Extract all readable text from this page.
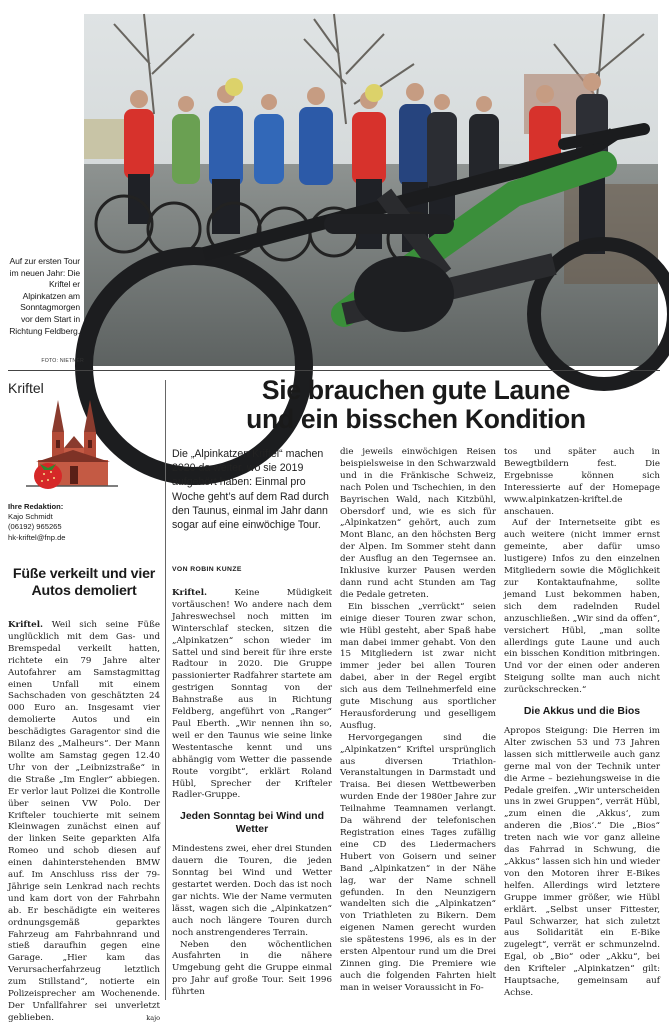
Auf zur ersten Tour im neuen Jahr: Die Kriftel er Alpinkatzen am Sonntagmorgen vor dem Start in Richtung Feldberg.
FOTO: NIETNER
Kriftel
Ihre Redaktion:
Kajo Schmidt
(06192) 965265
hk-kriftel@fnp.de
Füße verkeilt und vier Autos demoliert
Kriftel. Weil sich seine Füße unglücklich mit dem Gas- und Bremspedal verkeilt hatten, richtete ein 79 Jahre alter Autofahrer am Samstagmittag einen Unfall mit einem Sachschaden von geschätzten 24 000 Euro an. Insgesamt vier demolierte Autos und ein beschädigtes Garagentor sind die Bilanz des „Malheurs“. Der Mann wollte am Samstag gegen 12.40 Uhr von der „Leibnizstraße“ in die Straße „Im Engler“ abbiegen. Er verlor laut Polizei die Kontrolle über seinen VW Polo. Der Krifteler touchierte mit seinem Kleinwagen zunächst einen auf der linken Seite geparkten Alfa Romeo und schob diesen auf einen dahinterstehenden BMW auf. Im Anschluss riss der 79-Jährige sein Lenkrad nach rechts und kam dort von der Fahrbahn ab. Er beschädigte ein weiteres ordnungsgemäß geparktes Fahrzeug am Fahrbahnrand und stieß daraufhin gegen eine Garage. „Hier kam das Verursacherfahrzeug letztlich zum Stillstand“, notierte ein Polizeisprecher am Wochenende. Der Unfallfahrer sei unverletzt geblieben.	kajo
Sie brauchen gute Laune
und ein bisschen Kondition
Die „Alpinkatzen Kriftel“ machen 2020 da weiter, wo sie 2019 aufgehört haben: Einmal pro Woche geht’s auf dem Rad durch den Taunus, einmal im Jahr dann sogar auf eine einwöchige Tour.
VON ROBIN KUNZE

Kriftel. Keine Müdigkeit vortäuschen! Wo andere nach dem Jahreswechsel noch mitten im Winterschlaf stecken, sitzen die „Alpinkatzen“ schon wieder im Sattel und sind bereit für ihre erste Radtour in 2020. Die Gruppe passionierter Radfahrer startete am gestrigen Sonntag von der Bahnstraße aus in Richtung Feldberg, angeführt von „Ranger“ Paul Eberth. „Wir nennen ihn so, weil er den Taunus wie seine linke Westentasche kennt und uns abhängig vom Wetter die passende Route vorgibt“, erklärt Roland Hübl, Sprecher der Krifteler Radler-Gruppe.

Jeden Sonntag bei Wind und Wetter

Mindestens zwei, eher drei Stunden dauern die Touren, die jeden Sonntag bei Wind und Wetter gestartet werden. Doch das ist noch gar nichts. Wie der Name vermuten lässt, wagen sich die „Alpinkatzen“ auch noch längere Touren durch noch anstrengenderes Terrain.

Neben den wöchentlichen Ausfahrten in die nähere Umgebung geht die Gruppe einmal pro Jahr auf große Tour. Seit 1996 führten

die jeweils einwöchigen Reisen beispielsweise in den Schwarzwald und in die Fränkische Schweiz, nach Polen und Tschechien, in den Bayrischen Wald, nach Kitzbühl, Obersdorf und, wie es sich für „Alpinkatzen“ gehört, auch zum Mont Blanc, an den höchsten Berg der Alpen. Im Sommer steht dann der Ausflug an den Tegernsee an. Inklusive kurzer Pausen werden dann rund acht Stunden am Tag die Pedale getreten.

Ein bisschen „verrückt“ seien einige dieser Touren zwar schon, wie Hübl gesteht, aber Spaß habe man dabei immer gehabt. Von den 15 Mitgliedern ist zwar nicht immer jeder bei allen Touren dabei, aber in der Regel ergibt sich aus dem Teilnehmerfeld eine gute Mischung aus sportlicher Herausforderung und geselligem Ausflug.

Hervorgegangen sind die „Alpinkatzen“ Kriftel ursprünglich aus diversen Triathlon-Veranstaltungen in Darmstadt und Traisa. Bei diesen Wettbewerben wurden Ende der 1980er Jahre zur Teilnahme Teamnamen verlangt. Da während der telefonischen Registration eines Tages zufällig eine CD des Liedermachers Hubert von Goisern und seiner Band „Alpinkatzen“ in der Nähe lag, war der Name schnell gefunden. In den Neunzigern wandelten sich die „Alpinkatzen“ von Triathleten zu Bikern. Dem eigenen Namen gerecht wurden sie spätestens 1996, als es in der ersten Alpentour rund um die Drei Zinnen ging. Die Premiere wie auch die folgenden Fahrten hielt man in weiser Voraussicht in Fo-

tos und später auch in Bewegtbildern fest. Die Ergebnisse können sich Interessierte auf der Homepage www.alpinkatzen-kriftel.de anschauen.

Auf der Internetseite gibt es auch weitere (nicht immer ernst gemeinte, aber dafür umso lustigere) Infos zu den einzelnen Mitgliedern sowie die Möglichkeit zur Kontaktaufnahme, sollte jemand Lust bekommen haben, sich dem radelnden Rudel anzuschließen. „Wir sind da offen“, versichert Hübl, „man sollte allerdings gute Laune und auch ein bisschen Kondition mitbringen. Und vor der einen oder anderen Steigung sollte man auch nicht zurückschrecken.“

Die Akkus und die Bios

Apropos Steigung: Die Herren im Alter zwischen 53 und 73 Jahren lassen sich mittlerweile auch ganz gerne mal von der Technik unter die Arme – beziehungsweise in die Pedale greifen. „Wir unterscheiden uns in zwei Gruppen“, verrät Hübl, „zum einen die ,Akkus‘, zum anderen die ,Bios‘.“ Die „Bios“ treten nach wie vor ganz alleine das Fahrrad in Schwung, die „Akkus“ lassen sich hin und wieder von den Motoren ihrer E-Bikes helfen. Allerdings wird letztere Gruppe immer größer, wie Hübl erklärt. „Selbst unser Fittester, Paul Schwarzer, hat sich zuletzt aus Solidarität ein E-Bike zugelegt“, verrät er schmunzelnd. Egal, ob „Bio“ oder „Akku“, bei den Krifteler „Alpinkatzen“ gilt: Hauptsache, gemeinsam auf Achse.
